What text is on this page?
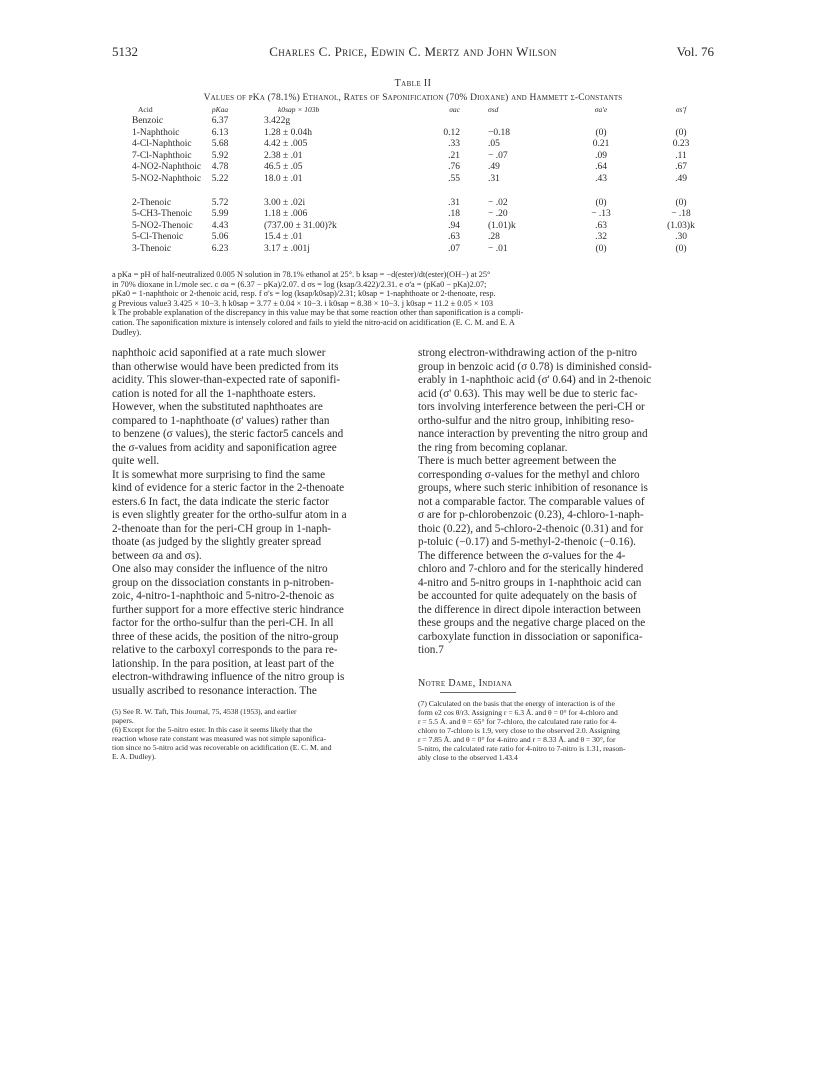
5132	Charles C. Price, Edwin C. Mertz and John Wilson	Vol. 76
Table II
Values of pKa (78.1%) Ethanol, Rates of Saponification (70% Dioxane) and Hammett σ-Constants
Acid	pKaa	k0sap × 103b	σac	σsd	σa'e	σs'f
Benzoic	6.37	3.422g
1-Naphthoic	6.13	1.28 ± 0.04h	0.12	−0.18	(0)	(0)
4-Cl-Naphthoic	5.68	4.42 ± .005	.33	.05	0.21	0.23
7-Cl-Naphthoic	5.92	2.38 ± .01	.21	− .07	.09	.11
4-NO2-Naphthoic	4.78	46.5 ± .05	.76	.49	.64	.67
5-NO2-Naphthoic	5.22	18.0 ± .01	.55	.31	.43	.49
2-Thenoic	5.72	3.00 ± .02i	.31	− .02	(0)	(0)
5-CH3-Thenoic	5.99	1.18 ± .006	.18	− .20	− .13	− .18
5-NO2-Thenoic	4.43	(737.00 ± 31.00)?k	.94	(1.01)k	.63	(1.03)k
5-Cl-Thenoic	5.06	15.4 ± .01	.63	.28	.32	.30
3-Thenoic	6.23	3.17 ± .001j	.07	− .01	(0)	(0)
a pKa = pH of half-neutralized 0.005 N solution in 78.1% ethanol at 25°. b ksap = −d(ester)/dt(ester)(OH−) at 25°
in 70% dioxane in l./mole sec. c σa = (6.37 − pKa)/2.07. d σs = log (ksap/3.422)/2.31. e σ'a = (pKa0 − pKa)2.07;
pKa0 = 1-naphthoic or 2-thenoic acid, resp. f σ's = log (ksap/k0sap)/2.31; k0sap = 1-naphthoate or 2-thenoate, resp.
g Previous value3 3.425 × 10−3. h k0sap = 3.77 ± 0.04 × 10−3. i k0sap = 8.38 × 10−3. j k0sap = 11.2 ± 0.05 × 103
k The probable explanation of the discrepancy in this value may be that some reaction other than saponification is a compli-
cation. The saponification mixture is intensely colored and fails to yield the nitro-acid on acidification (E. C. M. and E. A
Dudley).
naphthoic acid saponified at a rate much slower
than otherwise would have been predicted from its
acidity. This slower-than-expected rate of saponifi-
cation is noted for all the 1-naphthoate esters.
However, when the substituted naphthoates are
compared to 1-naphthoate (σ' values) rather than
to benzene (σ values), the steric factor5 cancels and
the σ-values from acidity and saponification agree
quite well.
It is somewhat more surprising to find the same
kind of evidence for a steric factor in the 2-thenoate
esters.6 In fact, the data indicate the steric factor
is even slightly greater for the ortho-sulfur atom in a
2-thenoate than for the peri-CH group in 1-naph-
thoate (as judged by the slightly greater spread
between σa and σs).
One also may consider the influence of the nitro
group on the dissociation constants in p-nitroben-
zoic, 4-nitro-1-naphthoic and 5-nitro-2-thenoic as
further support for a more effective steric hindrance
factor for the ortho-sulfur than the peri-CH. In all
three of these acids, the position of the nitro-group
relative to the carboxyl corresponds to the para re-
lationship. In the para position, at least part of the
electron-withdrawing influence of the nitro group is
usually ascribed to resonance interaction. The
strong electron-withdrawing action of the p-nitro
group in benzoic acid (σ 0.78) is diminished consid-
erably in 1-naphthoic acid (σ' 0.64) and in 2-thenoic
acid (σ' 0.63). This may well be due to steric fac-
tors involving interference between the peri-CH or
ortho-sulfur and the nitro group, inhibiting reso-
nance interaction by preventing the nitro group and
the ring from becoming coplanar.
There is much better agreement between the
corresponding σ-values for the methyl and chloro
groups, where such steric inhibition of resonance is
not a comparable factor. The comparable values of
σ are for p-chlorobenzoic (0.23), 4-chloro-1-naph-
thoic (0.22), and 5-chloro-2-thenoic (0.31) and for
p-toluic (−0.17) and 5-methyl-2-thenoic (−0.16).
The difference between the σ-values for the 4-
chloro and 7-chloro and for the sterically hindered
4-nitro and 5-nitro groups in 1-naphthoic acid can
be accounted for quite adequately on the basis of
the difference in direct dipole interaction between
these groups and the negative charge placed on the
carboxylate function in dissociation or saponifica-
tion.7
Notre Dame, Indiana
(5) See R. W. Taft, This Journal, 75, 4538 (1953), and earlier
papers.
(6) Except for the 5-nitro ester. In this case it seems likely that the
reaction whose rate constant was measured was not simple saponifica-
tion since no 5-nitro acid was recoverable on acidification (E. C. M. and
E. A. Dudley).
(7) Calculated on the basis that the energy of interaction is of the
form e2 cos θ/r3. Assigning r = 6.3 Å. and θ = 0° for 4-chloro and
r = 5.5 Å. and θ = 65° for 7-chloro, the calculated rate ratio for 4-
chloro to 7-chloro is 1.9, very close to the observed 2.0. Assigning
r = 7.85 Å. and θ = 0° for 4-nitro and r = 8.33 Å. and θ = 30°, for
5-nitro, the calculated rate ratio for 4-nitro to 7-nitro is 1.31, reason-
ably close to the observed 1.43.4
